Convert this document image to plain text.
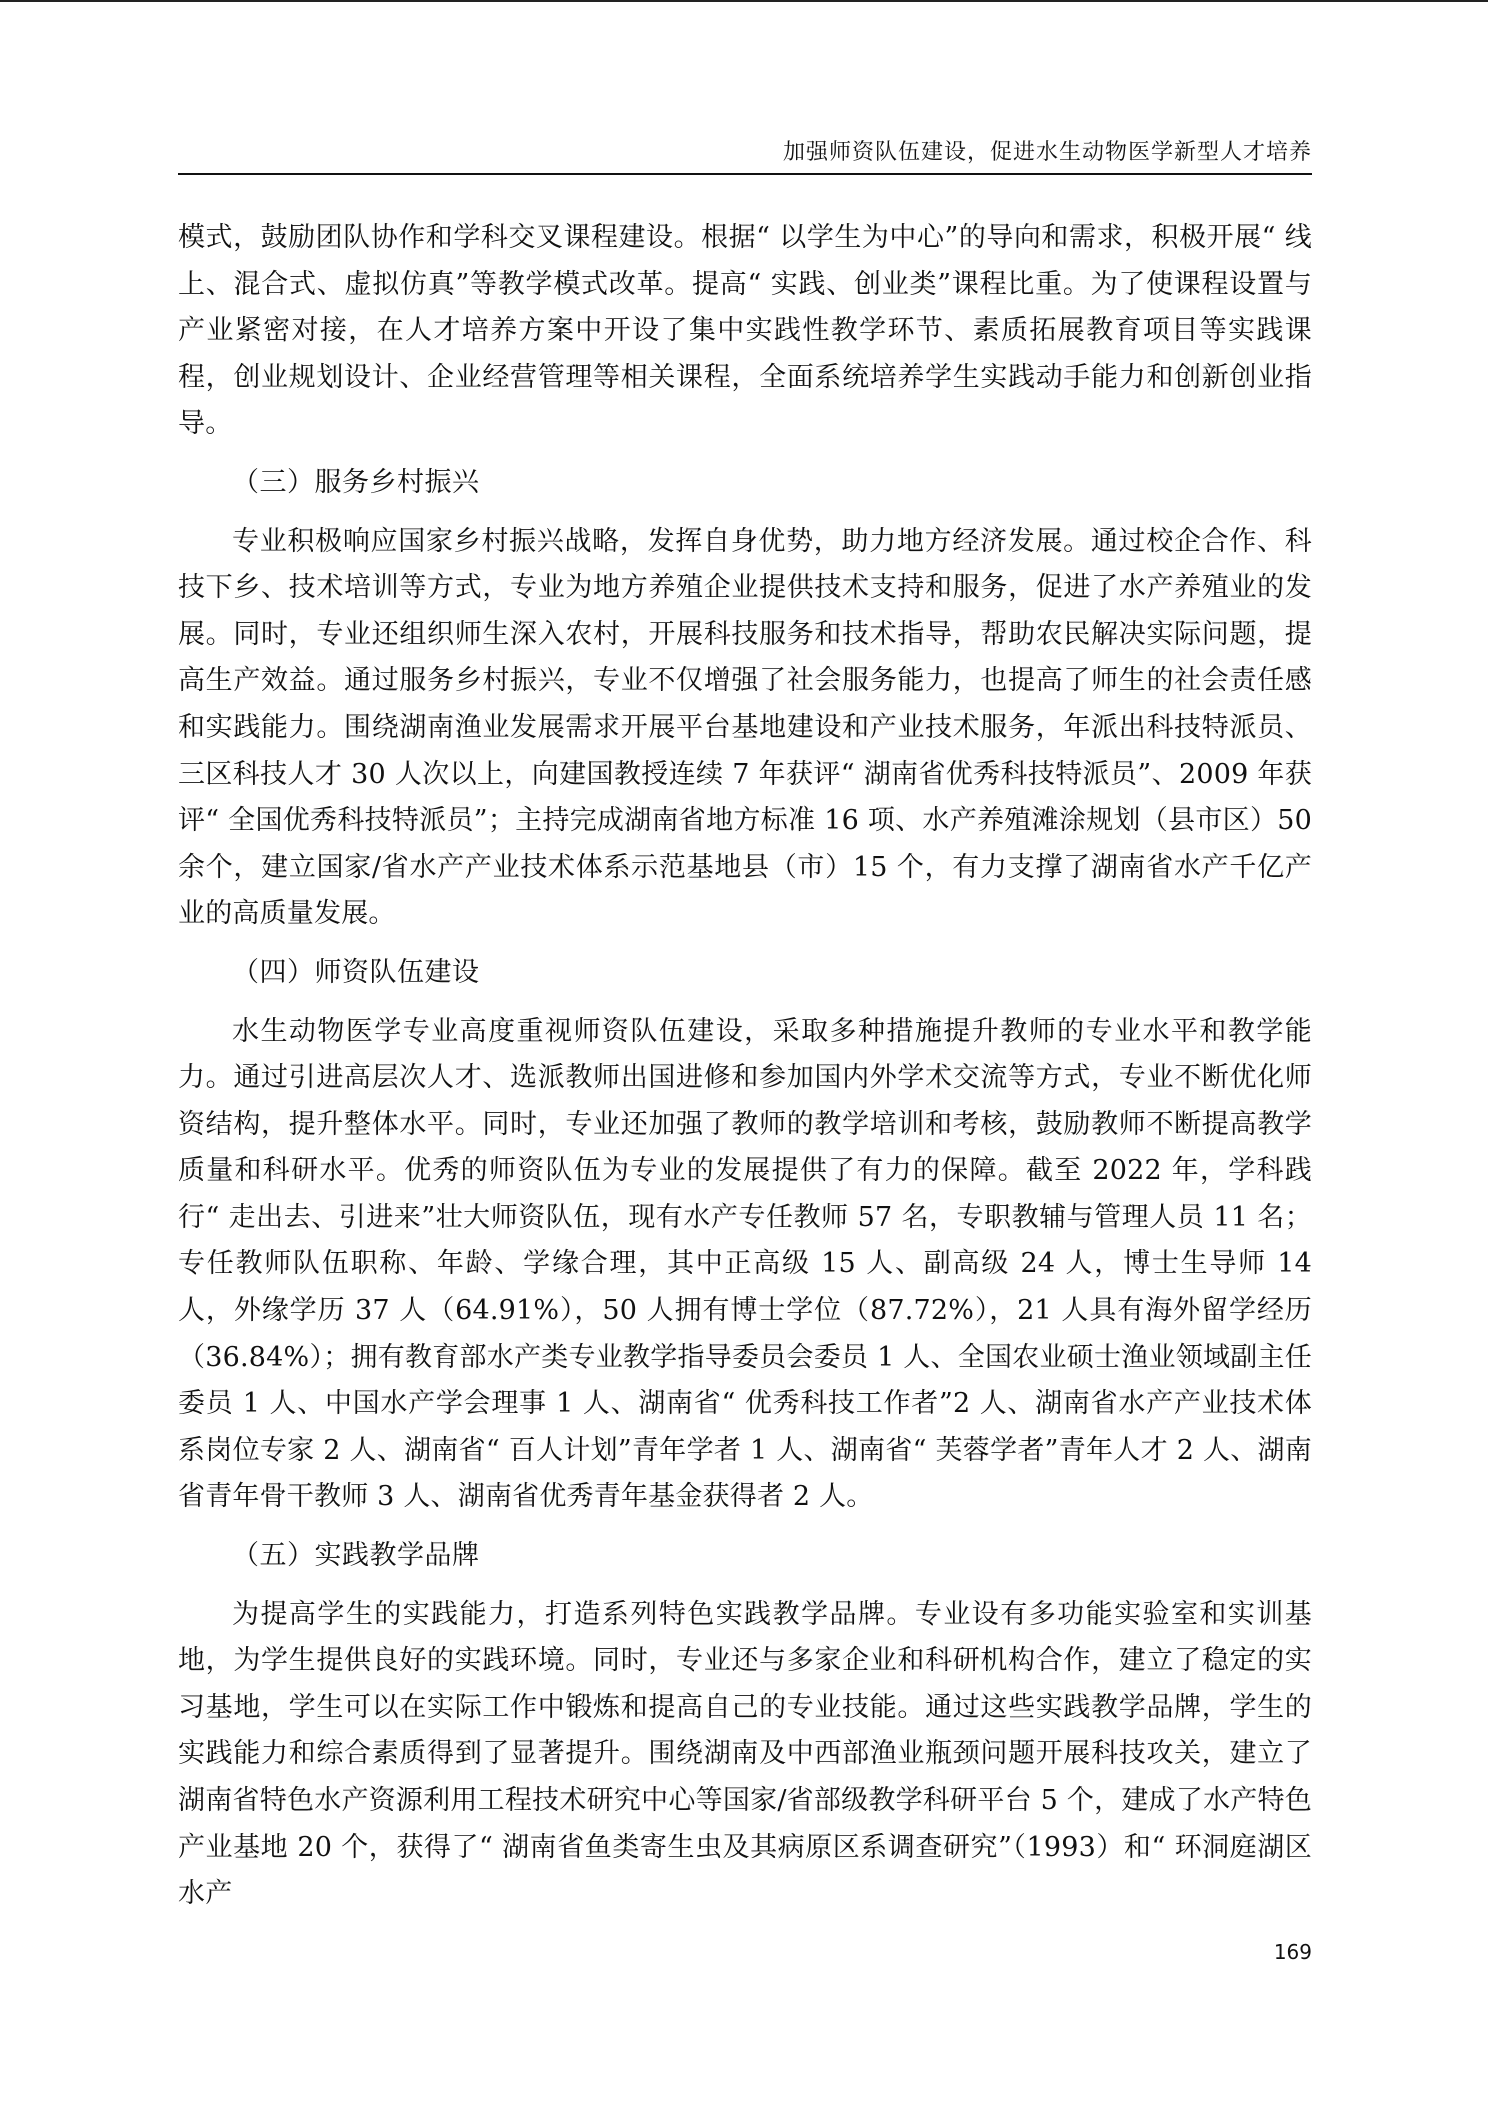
加强师资队伍建设，促进水生动物医学新型人才培养

模式，鼓励团队协作和学科交叉课程建设。根据“ 以学生为中心”的导向和需求，积极开展“ 线上、混合式、虚拟仿真”等教学模式改革。提高“ 实践、创业类”课程比重。为了使课程设置与产业紧密对接，在人才培养方案中开设了集中实践性教学环节、素质拓展教育项目等实践课程，创业规划设计、企业经营管理等相关课程，全面系统培养学生实践动手能力和创新创业指导。

（三）服务乡村振兴

专业积极响应国家乡村振兴战略，发挥自身优势，助力地方经济发展。通过校企合作、科技下乡、技术培训等方式，专业为地方养殖企业提供技术支持和服务，促进了水产养殖业的发展。同时，专业还组织师生深入农村，开展科技服务和技术指导，帮助农民解决实际问题，提高生产效益。通过服务乡村振兴，专业不仅增强了社会服务能力，也提高了师生的社会责任感和实践能力。围绕湖南渔业发展需求开展平台基地建设和产业技术服务，年派出科技特派员、三区科技人才 30 人次以上，向建国教授连续 7 年获评“ 湖南省优秀科技特派员”、2009 年获评“ 全国优秀科技特派员”；主持完成湖南省地方标准 16 项、水产养殖滩涂规划（县市区）50 余个，建立国家/省水产产业技术体系示范基地县（市）15 个，有力支撑了湖南省水产千亿产业的高质量发展。

（四）师资队伍建设

水生动物医学专业高度重视师资队伍建设，采取多种措施提升教师的专业水平和教学能力。通过引进高层次人才、选派教师出国进修和参加国内外学术交流等方式，专业不断优化师资结构，提升整体水平。同时，专业还加强了教师的教学培训和考核，鼓励教师不断提高教学质量和科研水平。优秀的师资队伍为专业的发展提供了有力的保障。截至 2022 年，学科践行“ 走出去、引进来”壮大师资队伍，现有水产专任教师 57 名，专职教辅与管理人员 11 名；专任教师队伍职称、年龄、学缘合理，其中正高级 15 人、副高级 24 人，博士生导师 14 人，外缘学历 37 人（64.91%），50 人拥有博士学位（87.72%），21 人具有海外留学经历（36.84%）；拥有教育部水产类专业教学指导委员会委员 1 人、全国农业硕士渔业领域副主任委员 1 人、中国水产学会理事 1 人、湖南省“ 优秀科技工作者”2 人、湖南省水产产业技术体系岗位专家 2 人、湖南省“ 百人计划”青年学者 1 人、湖南省“ 芙蓉学者”青年人才 2 人、湖南省青年骨干教师 3 人、湖南省优秀青年基金获得者 2 人。

（五）实践教学品牌

为提高学生的实践能力，打造系列特色实践教学品牌。专业设有多功能实验室和实训基地，为学生提供良好的实践环境。同时，专业还与多家企业和科研机构合作，建立了稳定的实习基地，学生可以在实际工作中锻炼和提高自己的专业技能。通过这些实践教学品牌，学生的实践能力和综合素质得到了显著提升。围绕湖南及中西部渔业瓶颈问题开展科技攻关，建立了湖南省特色水产资源利用工程技术研究中心等国家/省部级教学科研平台 5 个，建成了水产特色产业基地 20 个，获得了“ 湖南省鱼类寄生虫及其病原区系调查研究”（1993）和“ 环洞庭湖区水产

169
